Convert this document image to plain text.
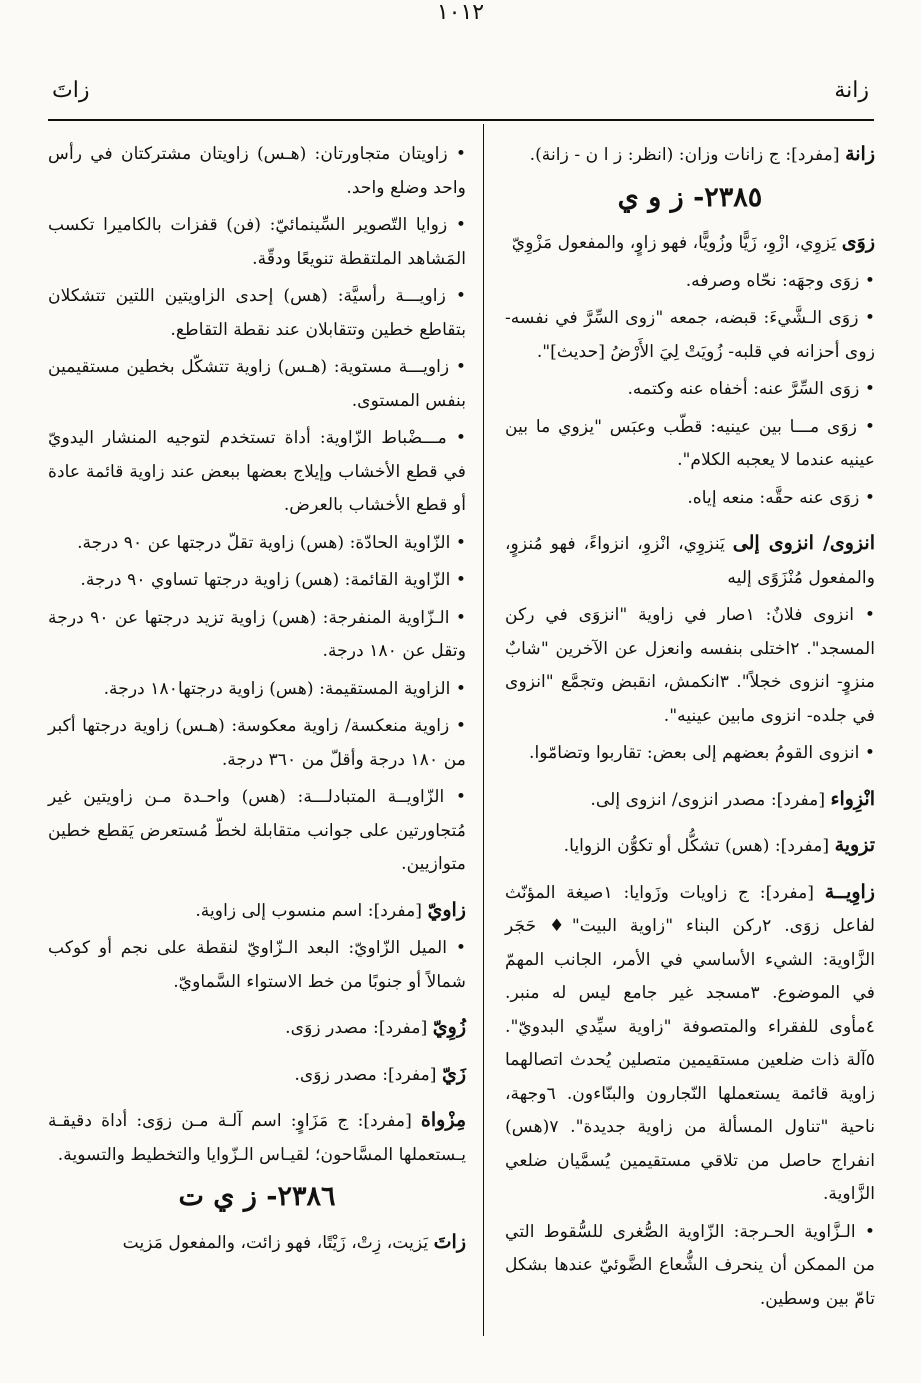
زانة
١٠١٢
زاتَ

زانة [مفرد]: ج زانات وزان: (انظر: ز ا ن - زانة).

٢٣٨٥- ز و ي

زوَى يَزوِي، ازْوِ، زَيًّا وزُويًّا، فهو زاوٍ، والمفعول مَزْوِيّ

• زوَى وجهَه: نحّاه وصرفه.

• زوَى الـشَّيءَ: قبضه، جمعه "زوى السِّرَّ في نفسه- زوى أحزانه في قلبه- زُويَتْ لِيَ الأَرْضُ [حديث]".

• زوَى السِّرَّ عنه: أخفاه عنه وكتمه.

• زوَى مـــا بين عينيه: قطّب وعبَس "يزوي ما بين عينيه عندما لا يعجبه الكلام".

• زوَى عنه حقَّه: منعه إياه.

انزوى/ انزوى إلى يَنزوِي، انْزوِ، انزواءً، فهو مُنزوٍ، والمفعول مُنْزَوًى إليه

• انزوى فلانٌ: ١صار في زاوية "انزوَى في ركن المسجد". ٢اختلى بنفسه وانعزل عن الآخرين "شابٌ منزوٍ- انزوى خجلاً". ٣انكمش، انقبض وتجمَّع "انزوى في جلده- انزوى مابين عينيه".

• انزوى القومُ بعضهم إلى بعض: تقاربوا وتضامّوا.

انْزِواء [مفرد]: مصدر انزوى/ انزوى إلى.

تزوية [مفرد]: (هس) تشكُّل أو تكوُّن الزوايا.

زاوِيــة [مفرد]: ج زاويات وزَوايا: ١صيغة المؤنّث لفاعل زوَى. ٢ركن البناء "زاوية البيت"♦ حَجَر الزَّاوية: الشيء الأساسي في الأمر، الجانب المهمّ في الموضوع. ٣مسجد غير جامع ليس له منبر. ٤مأوى للفقراء والمتصوفة "زاوية سيِّدي البدويّ". ٥آلة ذات ضلعين مستقيمين متصلين يُحدث اتصالهما زاوية قائمة يستعملها النّجارون والبنّاءون. ٦وجهة، ناحية "تناول المسألة من زاوية جديدة". ٧(هس) انفراج حاصل من تلاقي مستقيمين يُسمَّيان ضلعي الزَّاوية.

• الـزَّاوية الحـرجة: الزّاوية الصُّغرى للسُّقوط التي من الممكن أن ينحرف الشُّعاع الضَّوئيّ عندها بشكل تامّ بين وسطين.

• زاويتان متجاورتان: (هـس) زاويتان مشتركتان في رأس واحد وضلع واحد.

• زوايا التّصوير السِّينمائيّ: (فن) قفزات بالكاميرا تكسب المَشاهد الملتقطة تنويعًا ودقّة.

• زاويـــة رأسيَّة: (هس) إحدى الزاويتين اللتين تتشكلان بتقاطع خطين وتتقابلان عند نقطة التقاطع.

• زاويـــة مستوية: (هـس) زاوية تتشكّل بخطين مستقيمين بنفس المستوى.

• مـــضْباط الزّاوية: أداة تستخدم لتوجيه المنشار اليدويّ في قطع الأخشاب وإيلاج بعضها ببعض عند زاوية قائمة عادة أو قطع الأخشاب بالعرض.

• الزّاوية الحادّة: (هس) زاوية تقلّ درجتها عن ٩٠ درجة.

• الزّاوية القائمة: (هس) زاوية درجتها تساوي ٩٠ درجة.

• الـزّاوية المنفرجة: (هس) زاوية تزيد درجتها عن ٩٠ درجة وتقل عن ١٨٠ درجة.

• الزاوية المستقيمة: (هس) زاوية درجتها١٨٠ درجة.

• زاوية منعكسة/ زاوية معكوسة: (هـس) زاوية درجتها أكبر من ١٨٠ درجة وأقلّ من ٣٦٠ درجة.

• الزّاويــة المتبادلـــة: (هس) واحـدة مـن زاويتين غير مُتجاورتين على جوانب متقابلة لخطّ مُستعرض يَقطع خطين متوازيين.

زاويّ [مفرد]: اسم منسوب إلى زاوية.

• الميل الزّاويّ: البعد الـزّاويّ لنقطة على نجم أو كوكب شمالاً أو جنوبًا من خط الاستواء السَّماويّ.

زُوِيّ [مفرد]: مصدر زوَى.

زَيّ [مفرد]: مصدر زوَى.

مِزْواة [مفرد]: ج مَزَاوٍ: اسم آلـة مـن زوَى: أداة دقيقـة يـستعملها المسَّاحون؛ لقيـاس الـزّوايا والتخطيط والتسوية.

٢٣٨٦- ز ي ت

زاتَ يَزيت، زِتْ، زَيْتًا، فهو زائت، والمفعول مَزيت
